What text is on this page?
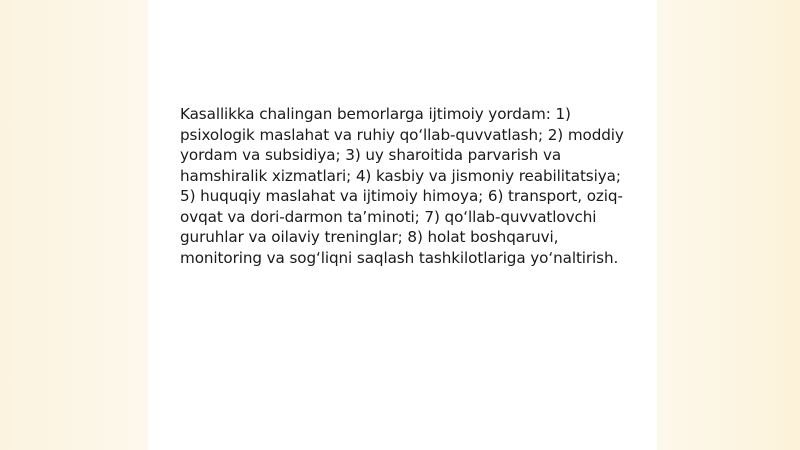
Kasallikka chalingan bemorlarga ijtimoiy yordam: 1) psixologik maslahat va ruhiy qo‘llab-quvvatlash; 2) moddiy yordam va subsidiya; 3) uy sharoitida parvarish va hamshiralik xizmatlari; 4) kasbiy va jismoniy reabilitatsiya; 5) huquqiy maslahat va ijtimoiy himoya; 6) transport, oziq-ovqat va dori-darmon ta’minoti; 7) qo‘llab-quvvatlovchi guruhlar va oilaviy treninglar; 8) holat boshqaruvi, monitoring va sog‘liqni saqlash tashkilotlariga yo‘naltirish.
